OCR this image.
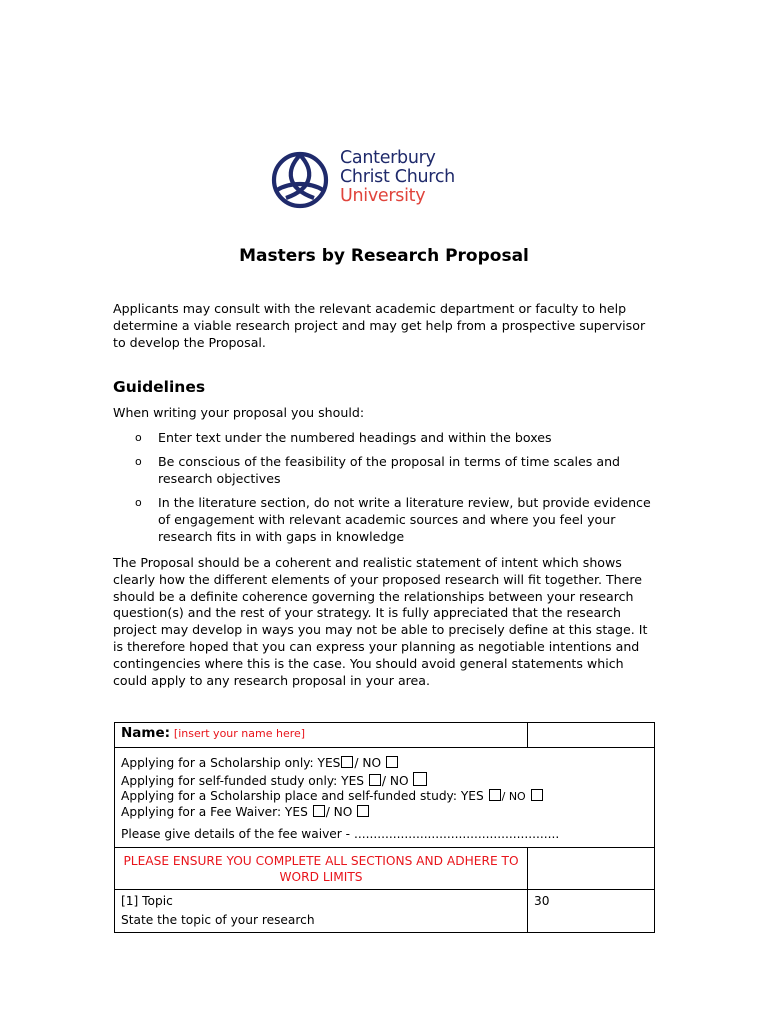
Canterbury
Christ Church
University
Masters by Research Proposal
Applicants may consult with the relevant academic department or faculty to help determine a viable research project and may get help from a prospective supervisor to develop the Proposal.
Guidelines
When writing your proposal you should:
o Enter text under the numbered headings and within the boxes
o Be conscious of the feasibility of the proposal in terms of time scales and research objectives
o In the literature section, do not write a literature review, but provide evidence of engagement with relevant academic sources and where you feel your research fits in with gaps in knowledge
The Proposal should be a coherent and realistic statement of intent which shows clearly how the different elements of your proposed research will fit together. There should be a definite coherence governing the relationships between your research question(s) and the rest of your strategy. It is fully appreciated that the research project may develop in ways you may not be able to precisely define at this stage. It is therefore hoped that you can express your planning as negotiable intentions and contingencies where this is the case. You should avoid general statements which could apply to any research proposal in your area.
Name: [insert your name here]	

Applying for a Scholarship only: YES / NO
Applying for self-funded study only: YES / NO
Applying for a Scholarship place and self-funded study: YES / NO
Applying for a Fee Waiver: YES / NO
Please give details of the fee waiver - .....................................................	

PLEASE ENSURE YOU COMPLETE ALL SECTIONS AND ADHERE TO WORD LIMITS	

[1] Topic
State the topic of your research	30
